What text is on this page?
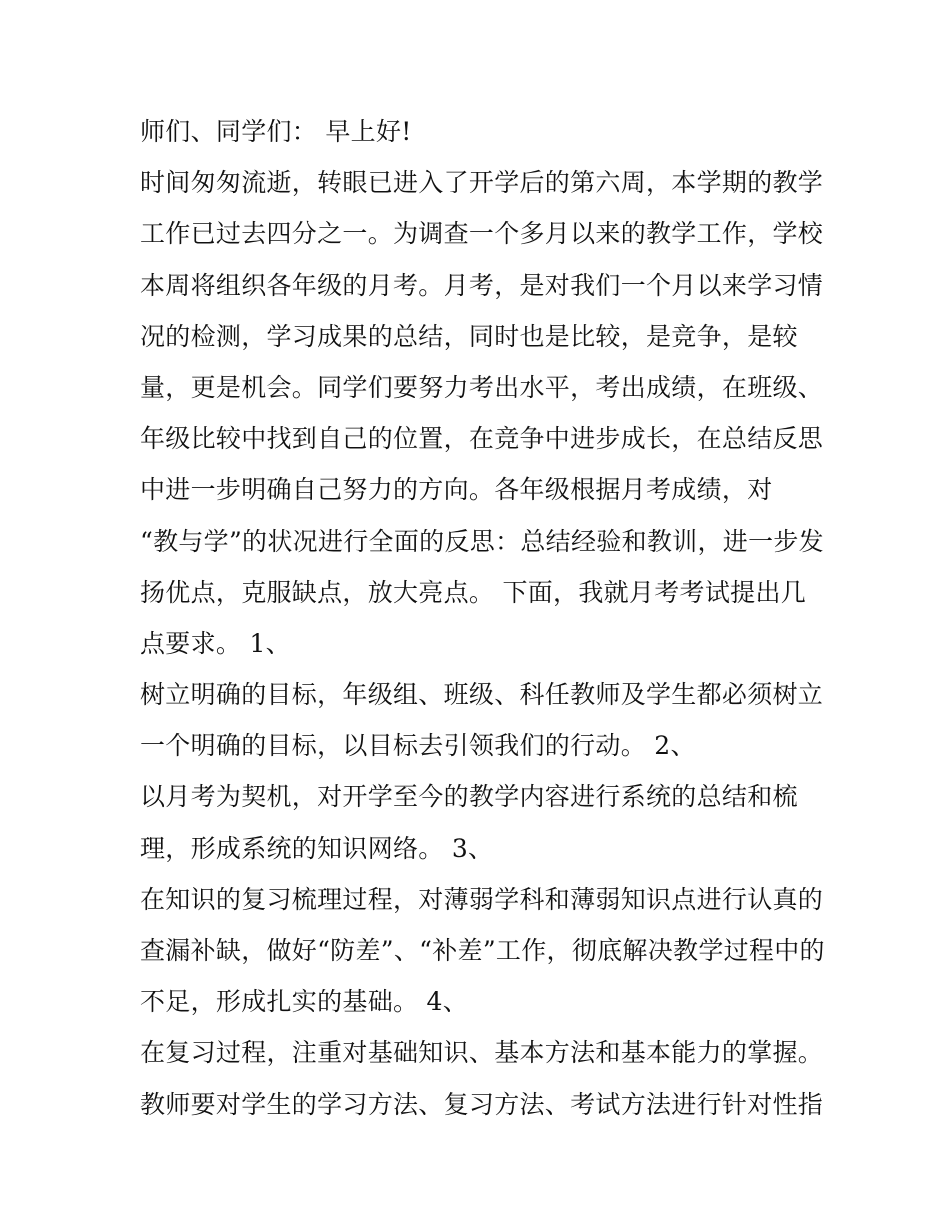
师们、同学们： 早上好!
时间匆匆流逝，转眼已进入了开学后的第六周，本学期的教学
工作已过去四分之一。为调查一个多月以来的教学工作，学校
本周将组织各年级的月考。月考，是对我们一个月以来学习情
况的检测，学习成果的总结，同时也是比较，是竞争，是较
量，更是机会。同学们要努力考出水平，考出成绩，在班级、
年级比较中找到自己的位置，在竞争中进步成长，在总结反思
中进一步明确自己努力的方向。各年级根据月考成绩，对
“教与学”的状况进行全面的反思：总结经验和教训，进一步发
扬优点，克服缺点，放大亮点。 下面，我就月考考试提出几
点要求。 1、
树立明确的目标，年级组、班级、科任教师及学生都必须树立
一个明确的目标，以目标去引领我们的行动。 2、
以月考为契机，对开学至今的教学内容进行系统的总结和梳
理，形成系统的知识网络。 3、
在知识的复习梳理过程，对薄弱学科和薄弱知识点进行认真的
查漏补缺，做好“防差”、“补差”工作，彻底解决教学过程中的
不足，形成扎实的基础。 4、
在复习过程，注重对基础知识、基本方法和基本能力的掌握。
教师要对学生的学习方法、复习方法、考试方法进行针对性指
